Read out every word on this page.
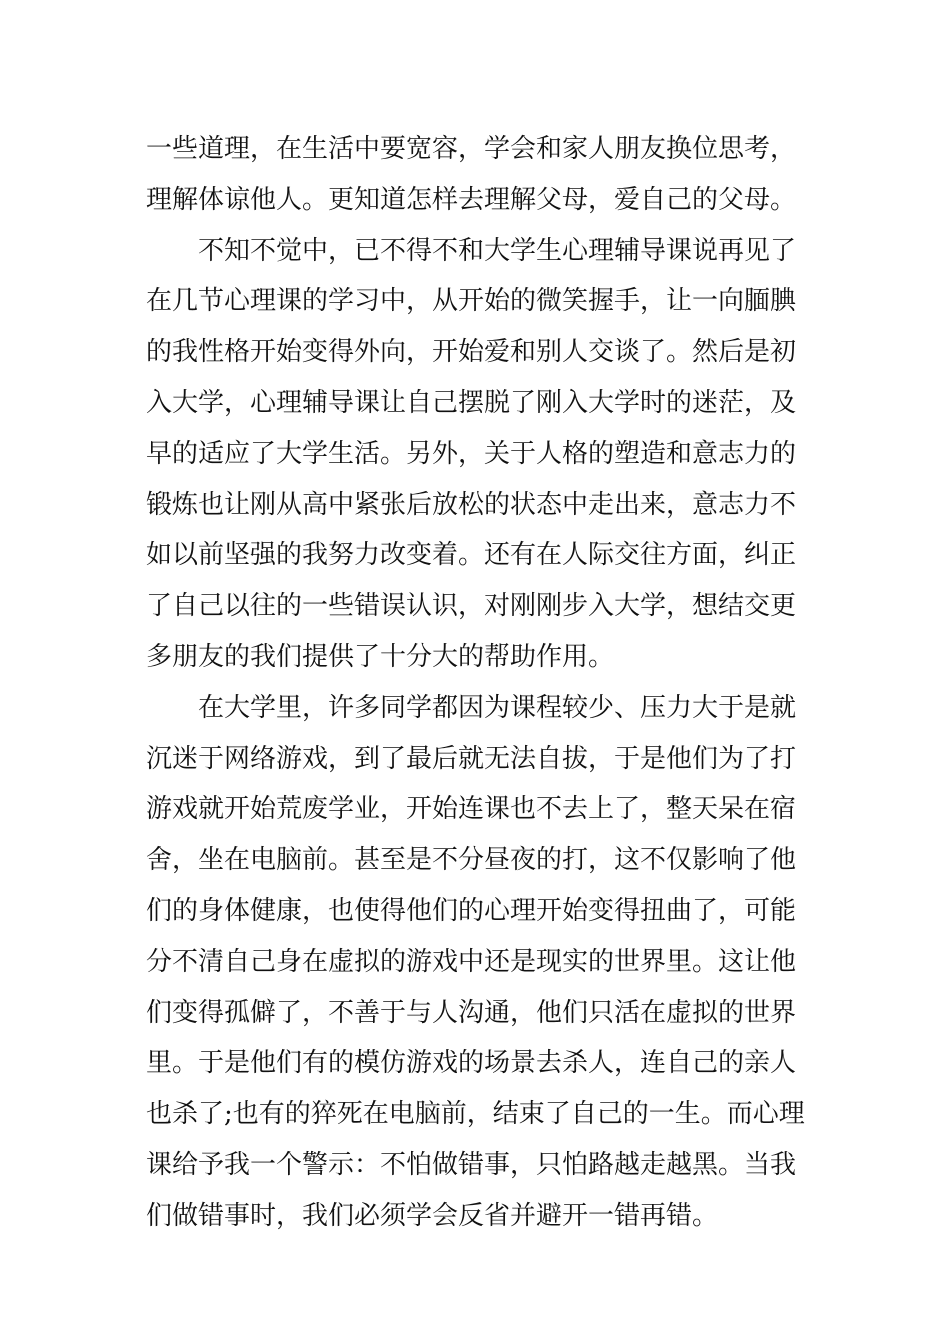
一些道理，在生活中要宽容，学会和家人朋友换位思考，
理解体谅他人。更知道怎样去理解父母，爱自己的父母。
不知不觉中，已不得不和大学生心理辅导课说再见了
在几节心理课的学习中，从开始的微笑握手，让一向腼腆
的我性格开始变得外向，开始爱和别人交谈了。然后是初
入大学，心理辅导课让自己摆脱了刚入大学时的迷茫，及
早的适应了大学生活。另外，关于人格的塑造和意志力的
锻炼也让刚从高中紧张后放松的状态中走出来，意志力不
如以前坚强的我努力改变着。还有在人际交往方面，纠正
了自己以往的一些错误认识，对刚刚步入大学，想结交更
多朋友的我们提供了十分大的帮助作用。
在大学里，许多同学都因为课程较少、压力大于是就
沉迷于网络游戏，到了最后就无法自拔，于是他们为了打
游戏就开始荒废学业，开始连课也不去上了，整天呆在宿
舍，坐在电脑前。甚至是不分昼夜的打，这不仅影响了他
们的身体健康，也使得他们的心理开始变得扭曲了，可能
分不清自己身在虚拟的游戏中还是现实的世界里。这让他
们变得孤僻了，不善于与人沟通，他们只活在虚拟的世界
里。于是他们有的模仿游戏的场景去杀人，连自己的亲人
也杀了;也有的猝死在电脑前，结束了自己的一生。而心理
课给予我一个警示：不怕做错事，只怕路越走越黑。当我
们做错事时，我们必须学会反省并避开一错再错。
